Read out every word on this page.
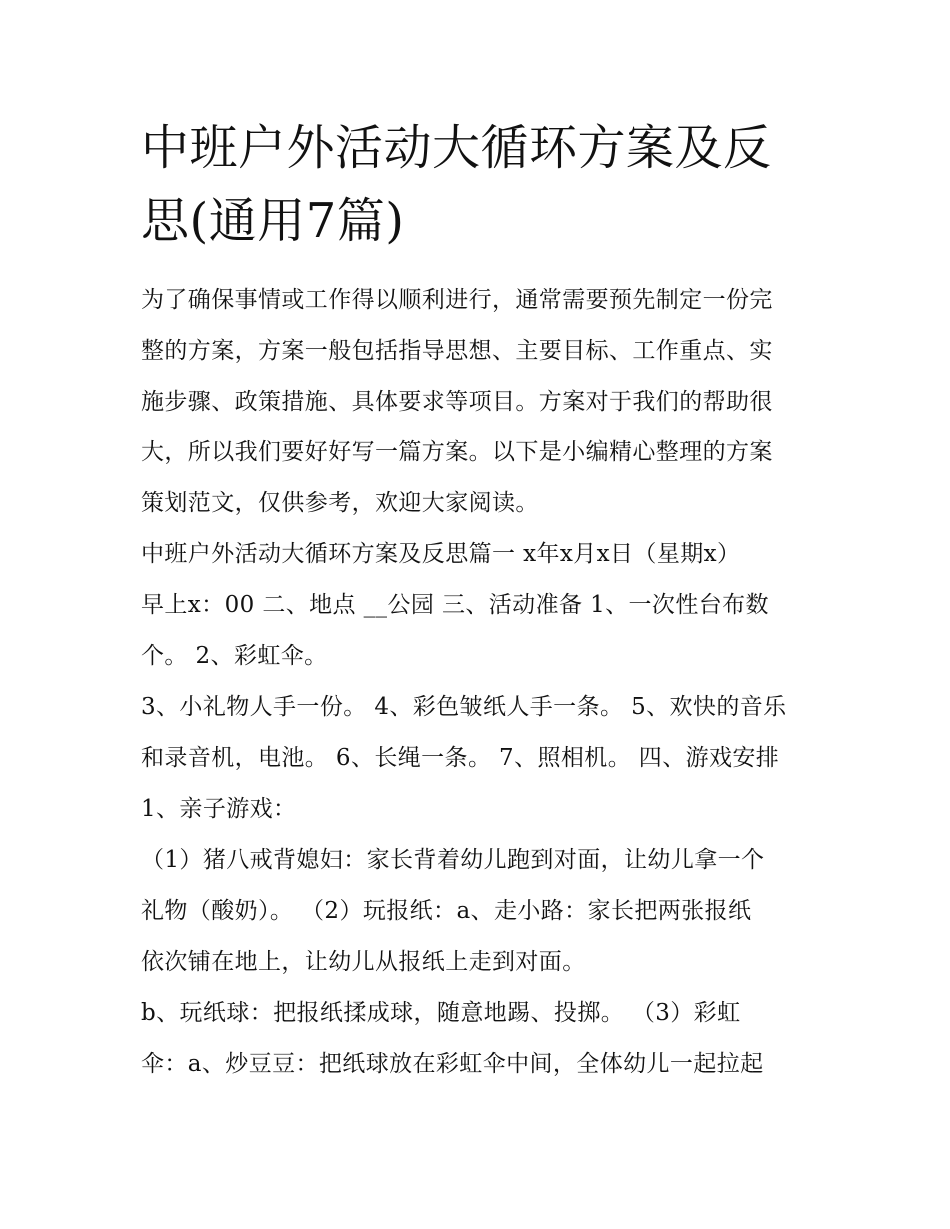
中班户外活动大循环方案及反
思(通用7篇)

为了确保事情或工作得以顺利进行，通常需要预先制定一份完

整的方案，方案一般包括指导思想、主要目标、工作重点、实

施步骤、政策措施、具体要求等项目。方案对于我们的帮助很

大，所以我们要好好写一篇方案。以下是小编精心整理的方案

策划范文，仅供参考，欢迎大家阅读。

中班户外活动大循环方案及反思篇一 x年x月x日（星期x）

早上x：00 二、地点 __公园 三、活动准备 1、一次性台布数

个。 2、彩虹伞。

3、小礼物人手一份。 4、彩色皱纸人手一条。 5、欢快的音乐

和录音机，电池。 6、长绳一条。 7、照相机。 四、游戏安排

1、亲子游戏：

（1）猪八戒背媳妇：家长背着幼儿跑到对面，让幼儿拿一个

礼物（酸奶）。 （2）玩报纸：a、走小路：家长把两张报纸

依次铺在地上，让幼儿从报纸上走到对面。

b、玩纸球：把报纸揉成球，随意地踢、投掷。 （3）彩虹

伞：a、炒豆豆：把纸球放在彩虹伞中间，全体幼儿一起拉起
